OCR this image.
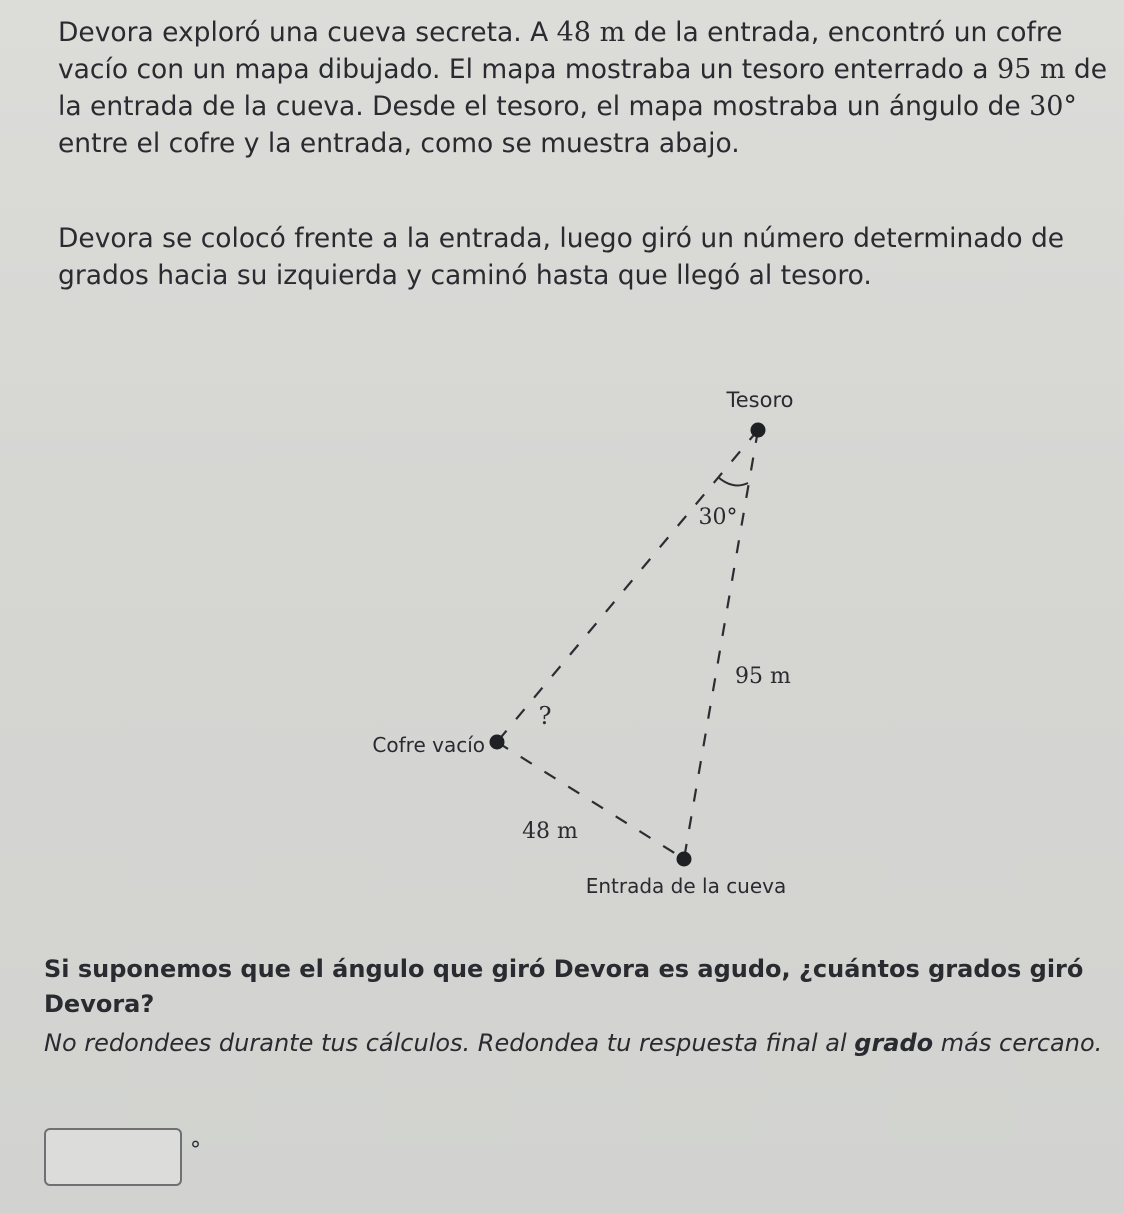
Devora exploró una cueva secreta. A 48 m de la entrada, encontró un cofre vacío con un mapa dibujado. El mapa mostraba un tesoro enterrado a 95 m de la entrada de la cueva. Desde el tesoro, el mapa mostraba un ángulo de 30° entre el cofre y la entrada, como se muestra abajo.

Devora se colocó frente a la entrada, luego giró un número determinado de grados hacia su izquierda y caminó hasta que llegó al tesoro.

Tesoro
30°
95 m
?
Cofre vacío
48 m
Entrada de la cueva

Si suponemos que el ángulo que giró Devora es agudo, ¿cuántos grados giró Devora?

No redondees durante tus cálculos. Redondea tu respuesta final al grado más cercano.

°
